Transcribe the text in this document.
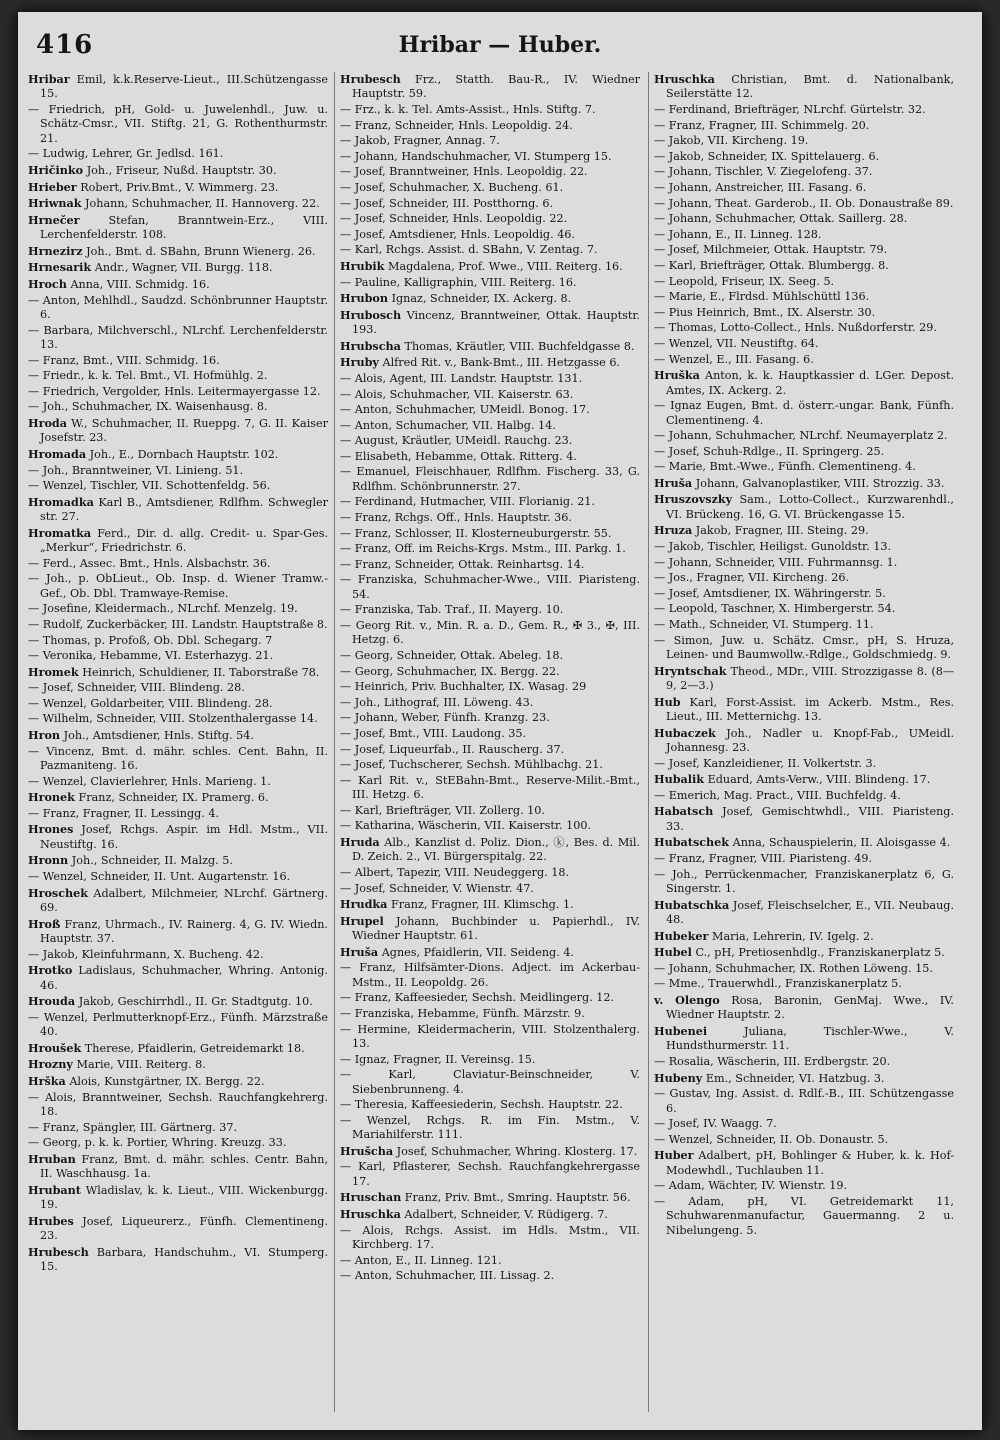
416	Hribar — Huber.

Hribar Emil, k.k.Reserve-Lieut., III.Schützengasse 15.

— Friedrich, pH, Gold- u. Juwelenhdl., Juw. u. Schätz-Cmsr., VII. Stiftg. 21, G. Rothenthurmstr. 21.

— Ludwig, Lehrer, Gr. Jedlsd. 161.

Hričinko Joh., Friseur, Nußd. Hauptstr. 30.

Hrieber Robert, Priv.Bmt., V. Wimmerg. 23.

Hriwnak Johann, Schuhmacher, II. Hannoverg. 22.

Hrnečer	Stefan, Branntwein-Erz., VIII. Lerchenfelderstr. 108.

Hrnezirz Joh., Bmt. d. SBahn, Brunn Wienerg. 26.

Hrnesarik Andr., Wagner, VII. Burgg. 118.

Hroch Anna, VIII. Schmidg. 16.

— Anton, Mehlhdl., Saudzd. Schönbrunner Hauptstr. 6.

— Barbara, Milchverschl., NLrchf. Lerchenfelderstr. 13.

— Franz, Bmt., VIII. Schmidg. 16.

— Friedr., k. k. Tel. Bmt., VI. Hofmühlg. 2.

— Friedrich, Vergolder, Hnls. Leitermayergasse 12.

— Joh., Schuhmacher, IX. Waisenhausg. 8.

Hroda W., Schuhmacher, II. Rueppg. 7, G. II. Kaiser Josefstr. 23.

Hromada Joh., E., Dornbach Hauptstr. 102.

— Joh., Branntweiner, VI. Linieng. 51.

— Wenzel, Tischler, VII. Schottenfeldg. 56.

Hromadka Karl B., Amtsdiener, Rdlfhm. Schwegler str. 27.

Hromatka Ferd., Dir. d. allg. Credit- u. Spar-Ges. „Merkur“, Friedrichstr. 6.

— Ferd., Assec. Bmt., Hnls. Alsbachstr. 36.

— Joh., p. ObLieut., Ob. Insp. d. Wiener Tramw.-Gef., Ob. Dbl. Tramwaye-Remise.

— Josefine, Kleidermach., NLrchf. Menzelg. 19.

— Rudolf, Zuckerbäcker, III. Landstr. Hauptstraße 8.

— Thomas, p. Profoß, Ob. Dbl. Schegarg. 7

— Veronika, Hebamme, VI. Esterhazyg. 21.

Hromek Heinrich, Schuldiener, II. Taborstraße 78.

— Josef, Schneider, VIII. Blindeng. 28.

— Wenzel, Goldarbeiter, VIII. Blindeng. 28.

— Wilhelm, Schneider, VIII. Stolzenthalergasse 14.

Hron Joh., Amtsdiener, Hnls. Stiftg. 54.

— Vincenz, Bmt. d. mähr. schles. Cent. Bahn, II. Pazmaniteng. 16.

— Wenzel, Clavierlehrer, Hnls. Marieng. 1.

Hronek Franz, Schneider, IX. Pramerg. 6.

— Franz, Fragner, II. Lessingg. 4.

Hrones Josef, Rchgs. Aspir. im Hdl. Mstm., VII. Neustiftg. 16.

Hronn Joh., Schneider, II. Malzg. 5.

— Wenzel, Schneider, II. Unt. Augartenstr. 16.

Hroschek Adalbert, Milchmeier, NLrchf. Gärtnerg. 69.

Hroß Franz, Uhrmach., IV. Rainerg. 4, G. IV. Wiedn. Hauptstr. 37.

— Jakob, Kleinfuhrmann, X. Bucheng. 42.

Hrotko Ladislaus, Schuhmacher, Whring. Antonig. 46.

Hrouda Jakob, Geschirrhdl., II. Gr. Stadtgutg. 10.

— Wenzel, Perlmutterknopf-Erz., Fünfh. Märzstraße 40.

Hroušek Therese, Pfaidlerin, Getreidemarkt 18.

Hrozny Marie, VIII. Reiterg. 8.

Hrška Alois, Kunstgärtner, IX. Bergg. 22.

— Alois, Branntweiner, Sechsh. Rauchfangkehrerg. 18.

— Franz, Spängler, III. Gärtnerg. 37.

— Georg, p. k. k. Portier, Whring. Kreuzg. 33.

Hruban Franz, Bmt. d. mähr. schles. Centr. Bahn, II. Waschhausg. 1a.

Hrubant Wladislav, k. k. Lieut., VIII. Wickenburgg. 19.

Hrubes Josef, Liqueurerz., Fünfh. Clementineng. 23.

Hrubesch Barbara, Handschuhm., VI. Stumperg. 15.

Hrubesch Frz., Statth. Bau-R., IV. Wiedner Hauptstr. 59.

— Frz., k. k. Tel. Amts-Assist., Hnls. Stiftg. 7.

— Franz, Schneider, Hnls. Leopoldig. 24.

— Jakob, Fragner, Annag. 7.

— Johann, Handschuhmacher, VI. Stumperg 15.

— Josef, Branntweiner, Hnls. Leopoldig. 22.

— Josef, Schuhmacher, X. Bucheng. 61.

— Josef, Schneider, III. Postthorng. 6.

— Josef, Schneider, Hnls. Leopoldig. 22.

— Josef, Amtsdiener, Hnls. Leopoldig. 46.

— Karl, Rchgs. Assist. d. SBahn, V. Zentag. 7.

Hrubik Magdalena, Prof. Wwe., VIII. Reiterg. 16.

— Pauline, Kalligraphin, VIII. Reiterg. 16.

Hrubon Ignaz, Schneider, IX. Ackerg. 8.

Hrubosch Vincenz, Branntweiner, Ottak. Hauptstr. 193.

Hrubscha Thomas, Kräutler, VIII. Buchfeldgasse 8.

Hruby Alfred Rit. v., Bank-Bmt., III. Hetzgasse 6.

— Alois, Agent, III. Landstr. Hauptstr. 131.

— Alois, Schuhmacher, VII. Kaiserstr. 63.

— Anton, Schuhmacher, UMeidl. Bonog. 17.

— Anton, Schumacher, VII. Halbg. 14.

— August, Kräutler, UMeidl. Rauchg. 23.

— Elisabeth, Hebamme, Ottak. Ritterg. 4.

— Emanuel, Fleischhauer, Rdlfhm. Fischerg. 33, G. Rdlfhm. Schönbrunnerstr. 27.

— Ferdinand, Hutmacher, VIII. Florianig. 21.

— Franz, Rchgs. Off., Hnls. Hauptstr. 36.

— Franz, Schlosser, II. Klosterneuburgerstr. 55.

— Franz, Off. im Reichs-Krgs. Mstm., III. Parkg. 1.

— Franz, Schneider, Ottak. Reinhartsg. 14.

— Franziska, Schuhmacher-Wwe., VIII. Piaristeng. 54.

— Franziska, Tab. Traf., II. Mayerg. 10.

— Georg Rit. v., Min. R. a. D., Gem. R., ✠ 3., ✠, III. Hetzg. 6.

— Georg, Schneider, Ottak. Abeleg. 18.

— Georg, Schuhmacher, IX. Bergg. 22.

— Heinrich, Priv. Buchhalter, IX. Wasag. 29

— Joh., Lithograf, III. Löweng. 43.

— Johann, Weber, Fünfh. Kranzg. 23.

— Josef, Bmt., VIII. Laudong. 35.

— Josef, Liqueurfab., II. Rauscherg. 37.

— Josef, Tuchscherer, Sechsh. Mühlbachg. 21.

— Karl Rit. v., StEBahn-Bmt., Reserve-Milit.-Bmt., III. Hetzg. 6.

— Karl, Briefträger, VII. Zollerg. 10.

— Katharina, Wäscherin, VII. Kaiserstr. 100.

Hruda Alb., Kanzlist d. Poliz. Dion., ⓚ, Bes. d. Mil. D. Zeich. 2., VI. Bürgerspitalg. 22.

— Albert, Tapezir, VIII. Neudeggerg. 18.

— Josef, Schneider, V. Wienstr. 47.

Hrudka Franz, Fragner, III. Klimschg. 1.

Hrupel Johann, Buchbinder u. Papierhdl., IV. Wiedner Hauptstr. 61.

Hruša Agnes, Pfaidlerin, VII. Seideng. 4.

— Franz, Hilfsämter-Dions. Adject. im Ackerbau-Mstm., II. Leopoldg. 26.

— Franz, Kaffeesieder, Sechsh. Meidlingerg. 12.

— Franziska, Hebamme, Fünfh. Märzstr. 9.

— Hermine, Kleidermacherin, VIII. Stolzenthalerg. 13.

— Ignaz, Fragner, II. Vereinsg. 15.

— Karl, Claviatur-Beinschneider, V. Siebenbrunneng. 4.

— Theresia, Kaffeesiederin, Sechsh. Hauptstr. 22.

— Wenzel, Rchgs. R. im Fin. Mstm., V. Mariahilferstr. 111.

Hrušcha Josef, Schuhmacher, Whring. Klosterg. 17.

— Karl, Pflasterer, Sechsh. Rauchfangkehrergasse 17.

Hruschan Franz, Priv. Bmt., Smring. Hauptstr. 56.

Hruschka Adalbert, Schneider, V. Rüdigerg. 7.

— Alois, Rchgs. Assist. im Hdls. Mstm., VII. Kirchberg. 17.

— Anton, E., II. Linneg. 121.

— Anton, Schuhmacher, III. Lissag. 2.

Hruschka Christian, Bmt. d. Nationalbank, Seilerstätte 12.

— Ferdinand, Briefträger, NLrchf. Gürtelstr. 32.

— Franz, Fragner, III. Schimmelg. 20.

— Jakob, VII. Kircheng. 19.

— Jakob, Schneider, IX. Spittelauerg. 6.

— Johann, Tischler, V. Ziegelofeng. 37.

— Johann, Anstreicher, III. Fasang. 6.

— Johann, Theat. Garderob., II. Ob. Donaustraße 89.

— Johann, Schuhmacher, Ottak. Saillerg. 28.

— Johann, E., II. Linneg. 128.

— Josef, Milchmeier, Ottak. Hauptstr. 79.

— Karl, Briefträger, Ottak. Blumbergg. 8.

— Leopold, Friseur, IX. Seeg. 5.

— Marie, E., Flrdsd. Mühlschüttl 136.

— Pius Heinrich, Bmt., IX. Alserstr. 30.

— Thomas, Lotto-Collect., Hnls. Nußdorferstr. 29.

— Wenzel, VII. Neustiftg. 64.

— Wenzel, E., III. Fasang. 6.

Hruška Anton, k. k. Hauptkassier d. LGer. Depost. Amtes, IX. Ackerg. 2.

— Ignaz Eugen, Bmt. d. österr.-ungar. Bank, Fünfh. Clementineng. 4.

— Johann, Schuhmacher, NLrchf. Neumayerplatz 2.

— Josef, Schuh-Rdlge., II. Springerg. 25.

— Marie, Bmt.-Wwe., Fünfh. Clementineng. 4.

Hruša Johann, Galvanoplastiker, VIII. Strozzig. 33.

Hruszovszky Sam., Lotto-Collect., Kurzwarenhdl., VI. Brückeng. 16, G. VI. Brückengasse 15.

Hruza Jakob, Fragner, III. Steing. 29.

— Jakob, Tischler, Heiligst. Gunoldstr. 13.

— Johann, Schneider, VIII. Fuhrmannsg. 1.

— Jos., Fragner, VII. Kircheng. 26.

— Josef, Amtsdiener, IX. Währingerstr. 5.

— Leopold, Taschner, X. Himbergerstr. 54.

— Math., Schneider, VI. Stumperg. 11.

— Simon, Juw. u. Schätz. Cmsr., pH, S. Hruza, Leinen- und Baumwollw.-Rdlge., Goldschmiedg. 9.

Hryntschak Theod., MDr., VIII. Strozzigasse 8. (8—9, 2—3.)

Hub Karl, Forst-Assist. im Ackerb. Mstm., Res. Lieut., III. Metternichg. 13.

Hubaczek Joh., Nadler u. Knopf-Fab., UMeidl. Johannesg. 23.

— Josef, Kanzleidiener, II. Volkertstr. 3.

Hubalik Eduard, Amts-Verw., VIII. Blindeng. 17.

— Emerich, Mag. Pract., VIII. Buchfeldg. 4.

Habatsch Josef, Gemischtwhdl., VIII. Piaristeng. 33.

Hubatschek Anna, Schauspielerin, II. Aloisgasse 4.

— Franz, Fragner, VIII. Piaristeng. 49.

— Joh., Perrückenmacher, Franziskanerplatz 6, G. Singerstr. 1.

Hubatschka Josef, Fleischselcher, E., VII. Neubaug. 48.

Hubeker Maria, Lehrerin, IV. Igelg. 2.

Hubel C., pH, Pretiosenhdlg., Franziskanerplatz 5.

— Johann, Schuhmacher, IX. Rothen Löweng. 15.

— Mme., Trauerwhdl., Franziskanerplatz 5.

v. Olengo Rosa, Baronin, GenMaj. Wwe., IV. Wiedner Hauptstr. 2.

Hubenei	Juliana, Tischler-Wwe., V. Hundsthurmerstr. 11.

— Rosalia, Wäscherin, III. Erdbergstr. 20.

Hubeny Em., Schneider, VI. Hatzbug. 3.

— Gustav, Ing. Assist. d. Rdlf.-B., III. Schützengasse 6.

— Josef, IV. Waagg. 7.

— Wenzel, Schneider, II. Ob. Donaustr. 5.

Huber Adalbert, pH, Bohlinger & Huber, k. k. Hof-Modewhdl., Tuchlauben 11.

— Adam, Wächter, IV. Wienstr. 19.

— Adam, pH, VI. Getreidemarkt 11, Schuhwarenmanufactur, Gauermanng. 2 u. Nibelungeng. 5.
